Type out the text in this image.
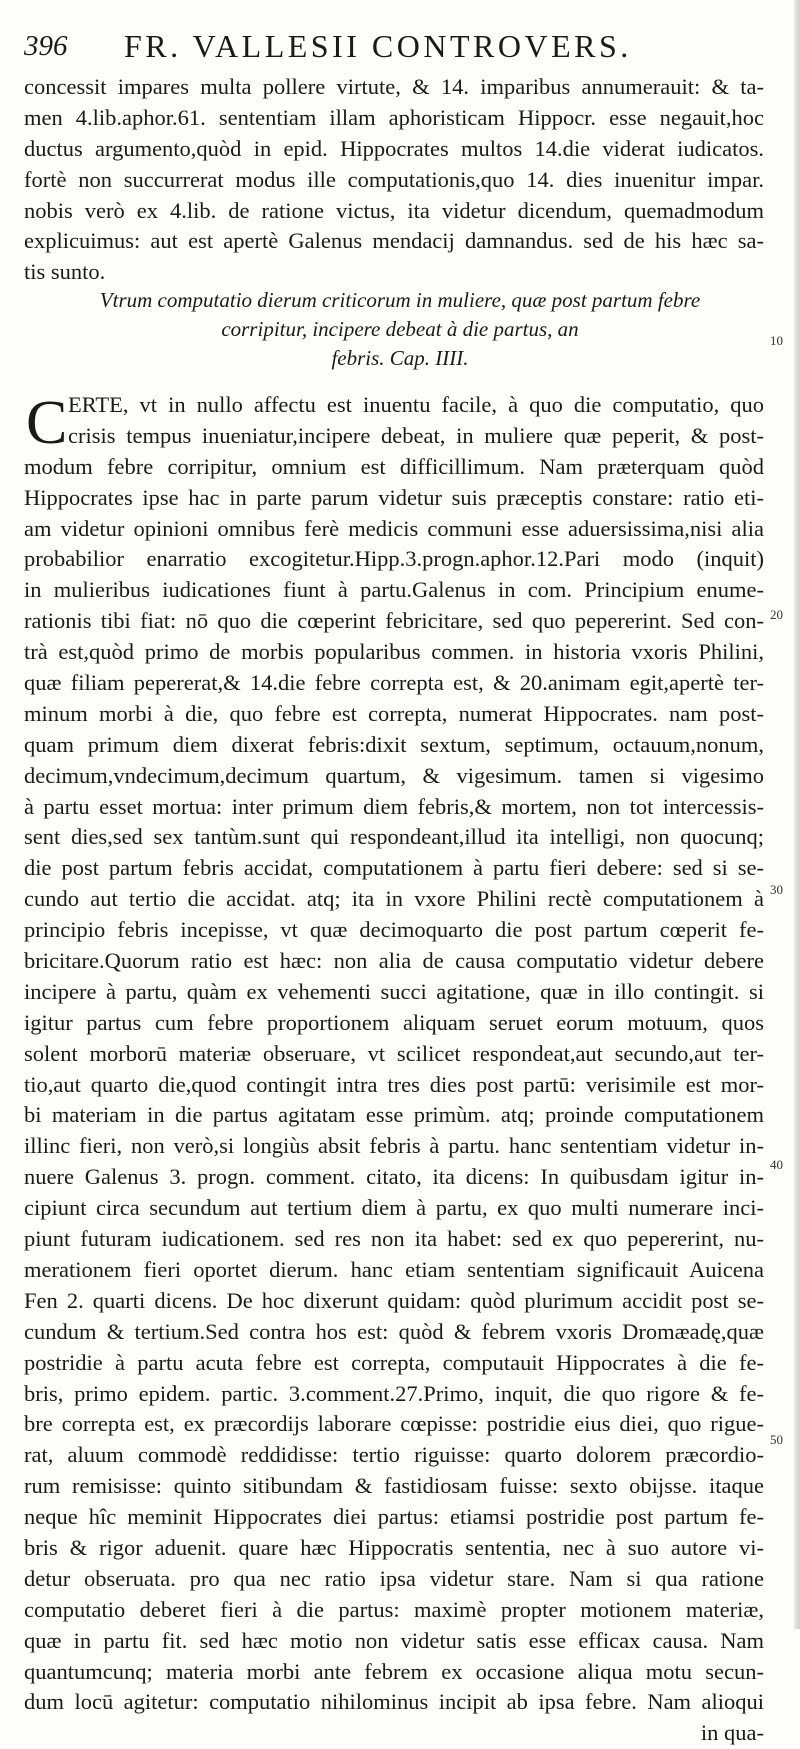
396 FR. VALLESII CONTROVERS.
concessit impares multa pollere virtute, & 14. imparibus annumerauit: & ta-
men 4.lib.aphor.61. sententiam illam aphoristicam Hippocr. esse negauit,hoc
ductus argumento,quòd in epid. Hippocrates multos 14.die viderat iudicatos.
fortè non succurrerat modus ille computationis,quo 14. dies inuenitur impar.
nobis verò ex 4.lib. de ratione victus, ita videtur dicendum, quemadmodum
explicuimus: aut est apertè Galenus mendacij damnandus. sed de his hæc sa-
tis sunto.
Vtrum computatio dierum criticorum in muliere, quæ post partum febre
corripitur, incipere debeat à die partus, an
febris. Cap. IIII.
10
20
30
40
50
C ERTE, vt in nullo affectu est inuentu facile, à quo die computatio, quo
crisis tempus inueniatur,incipere debeat, in muliere quæ peperit, & post-
modum febre corripitur, omnium est difficillimum. Nam præterquam quòd
Hippocrates ipse hac in parte parum videtur suis præceptis constare: ratio eti-
am videtur opinioni omnibus ferè medicis communi esse aduersissima,nisi alia
probabilior enarratio excogitetur.Hipp.3.progn.aphor.12.Pari modo (inquit)
in mulieribus iudicationes fiunt à partu.Galenus in com. Principium enume-
rationis tibi fiat: nō quo die cœperint febricitare, sed quo pepererint. Sed con-
trà est,quòd primo de morbis popularibus commen. in historia vxoris Philini,
quæ filiam pepererat,& 14.die febre correpta est, & 20.animam egit,apertè ter-
minum morbi à die, quo febre est correpta, numerat Hippocrates. nam post-
quam primum diem dixerat febris:dixit sextum, septimum, octauum,nonum,
decimum,vndecimum,decimum quartum, & vigesimum. tamen si vigesimo
à partu esset mortua: inter primum diem febris,& mortem, non tot intercessis-
sent dies,sed sex tantùm.sunt qui respondeant,illud ita intelligi, non quocunq;
die post partum febris accidat, computationem à partu fieri debere: sed si se-
cundo aut tertio die accidat. atq; ita in vxore Philini rectè computationem à
principio febris incepisse, vt quæ decimoquarto die post partum cœperit fe-
bricitare.Quorum ratio est hæc: non alia de causa computatio videtur debere
incipere à partu, quàm ex vehementi succi agitatione, quæ in illo contingit. si
igitur partus cum febre proportionem aliquam seruet eorum motuum, quos
solent morborū materiæ obseruare, vt scilicet respondeat,aut secundo,aut ter-
tio,aut quarto die,quod contingit intra tres dies post partū: verisimile est mor-
bi materiam in die partus agitatam esse primùm. atq; proinde computationem
illinc fieri, non verò,si longiùs absit febris à partu. hanc sententiam videtur in-
nuere Galenus 3. progn. comment. citato, ita dicens: In quibusdam igitur in-
cipiunt circa secundum aut tertium diem à partu, ex quo multi numerare inci-
piunt futuram iudicationem. sed res non ita habet: sed ex quo pepererint, nu-
merationem fieri oportet dierum. hanc etiam sententiam significauit Auicena
Fen 2. quarti dicens. De hoc dixerunt quidam: quòd plurimum accidit post se-
cundum & tertium.Sed contra hos est: quòd & febrem vxoris Dromæadę,quæ
postridie à partu acuta febre est correpta, computauit Hippocrates à die fe-
bris, primo epidem. partic. 3.comment.27.Primo, inquit, die quo rigore & fe-
bre correpta est, ex præcordijs laborare cœpisse: postridie eius diei, quo rigue-
rat, aluum commodè reddidisse: tertio riguisse: quarto dolorem præcordio-
rum remisisse: quinto sitibundam & fastidiosam fuisse: sexto obijsse. itaque
neque hîc meminit Hippocrates diei partus: etiamsi postridie post partum fe-
bris & rigor aduenit. quare hæc Hippocratis sententia, nec à suo autore vi-
detur obseruata. pro qua nec ratio ipsa videtur stare. Nam si qua ratione
computatio deberet fieri à die partus: maximè propter motionem materiæ,
quæ in partu fit. sed hæc motio non videtur satis esse efficax causa. Nam
quantumcunq; materia morbi ante febrem ex occasione aliqua motu secun-
dum locū agitetur: computatio nihilominus incipit ab ipsa febre. Nam alioqui
in qua-
